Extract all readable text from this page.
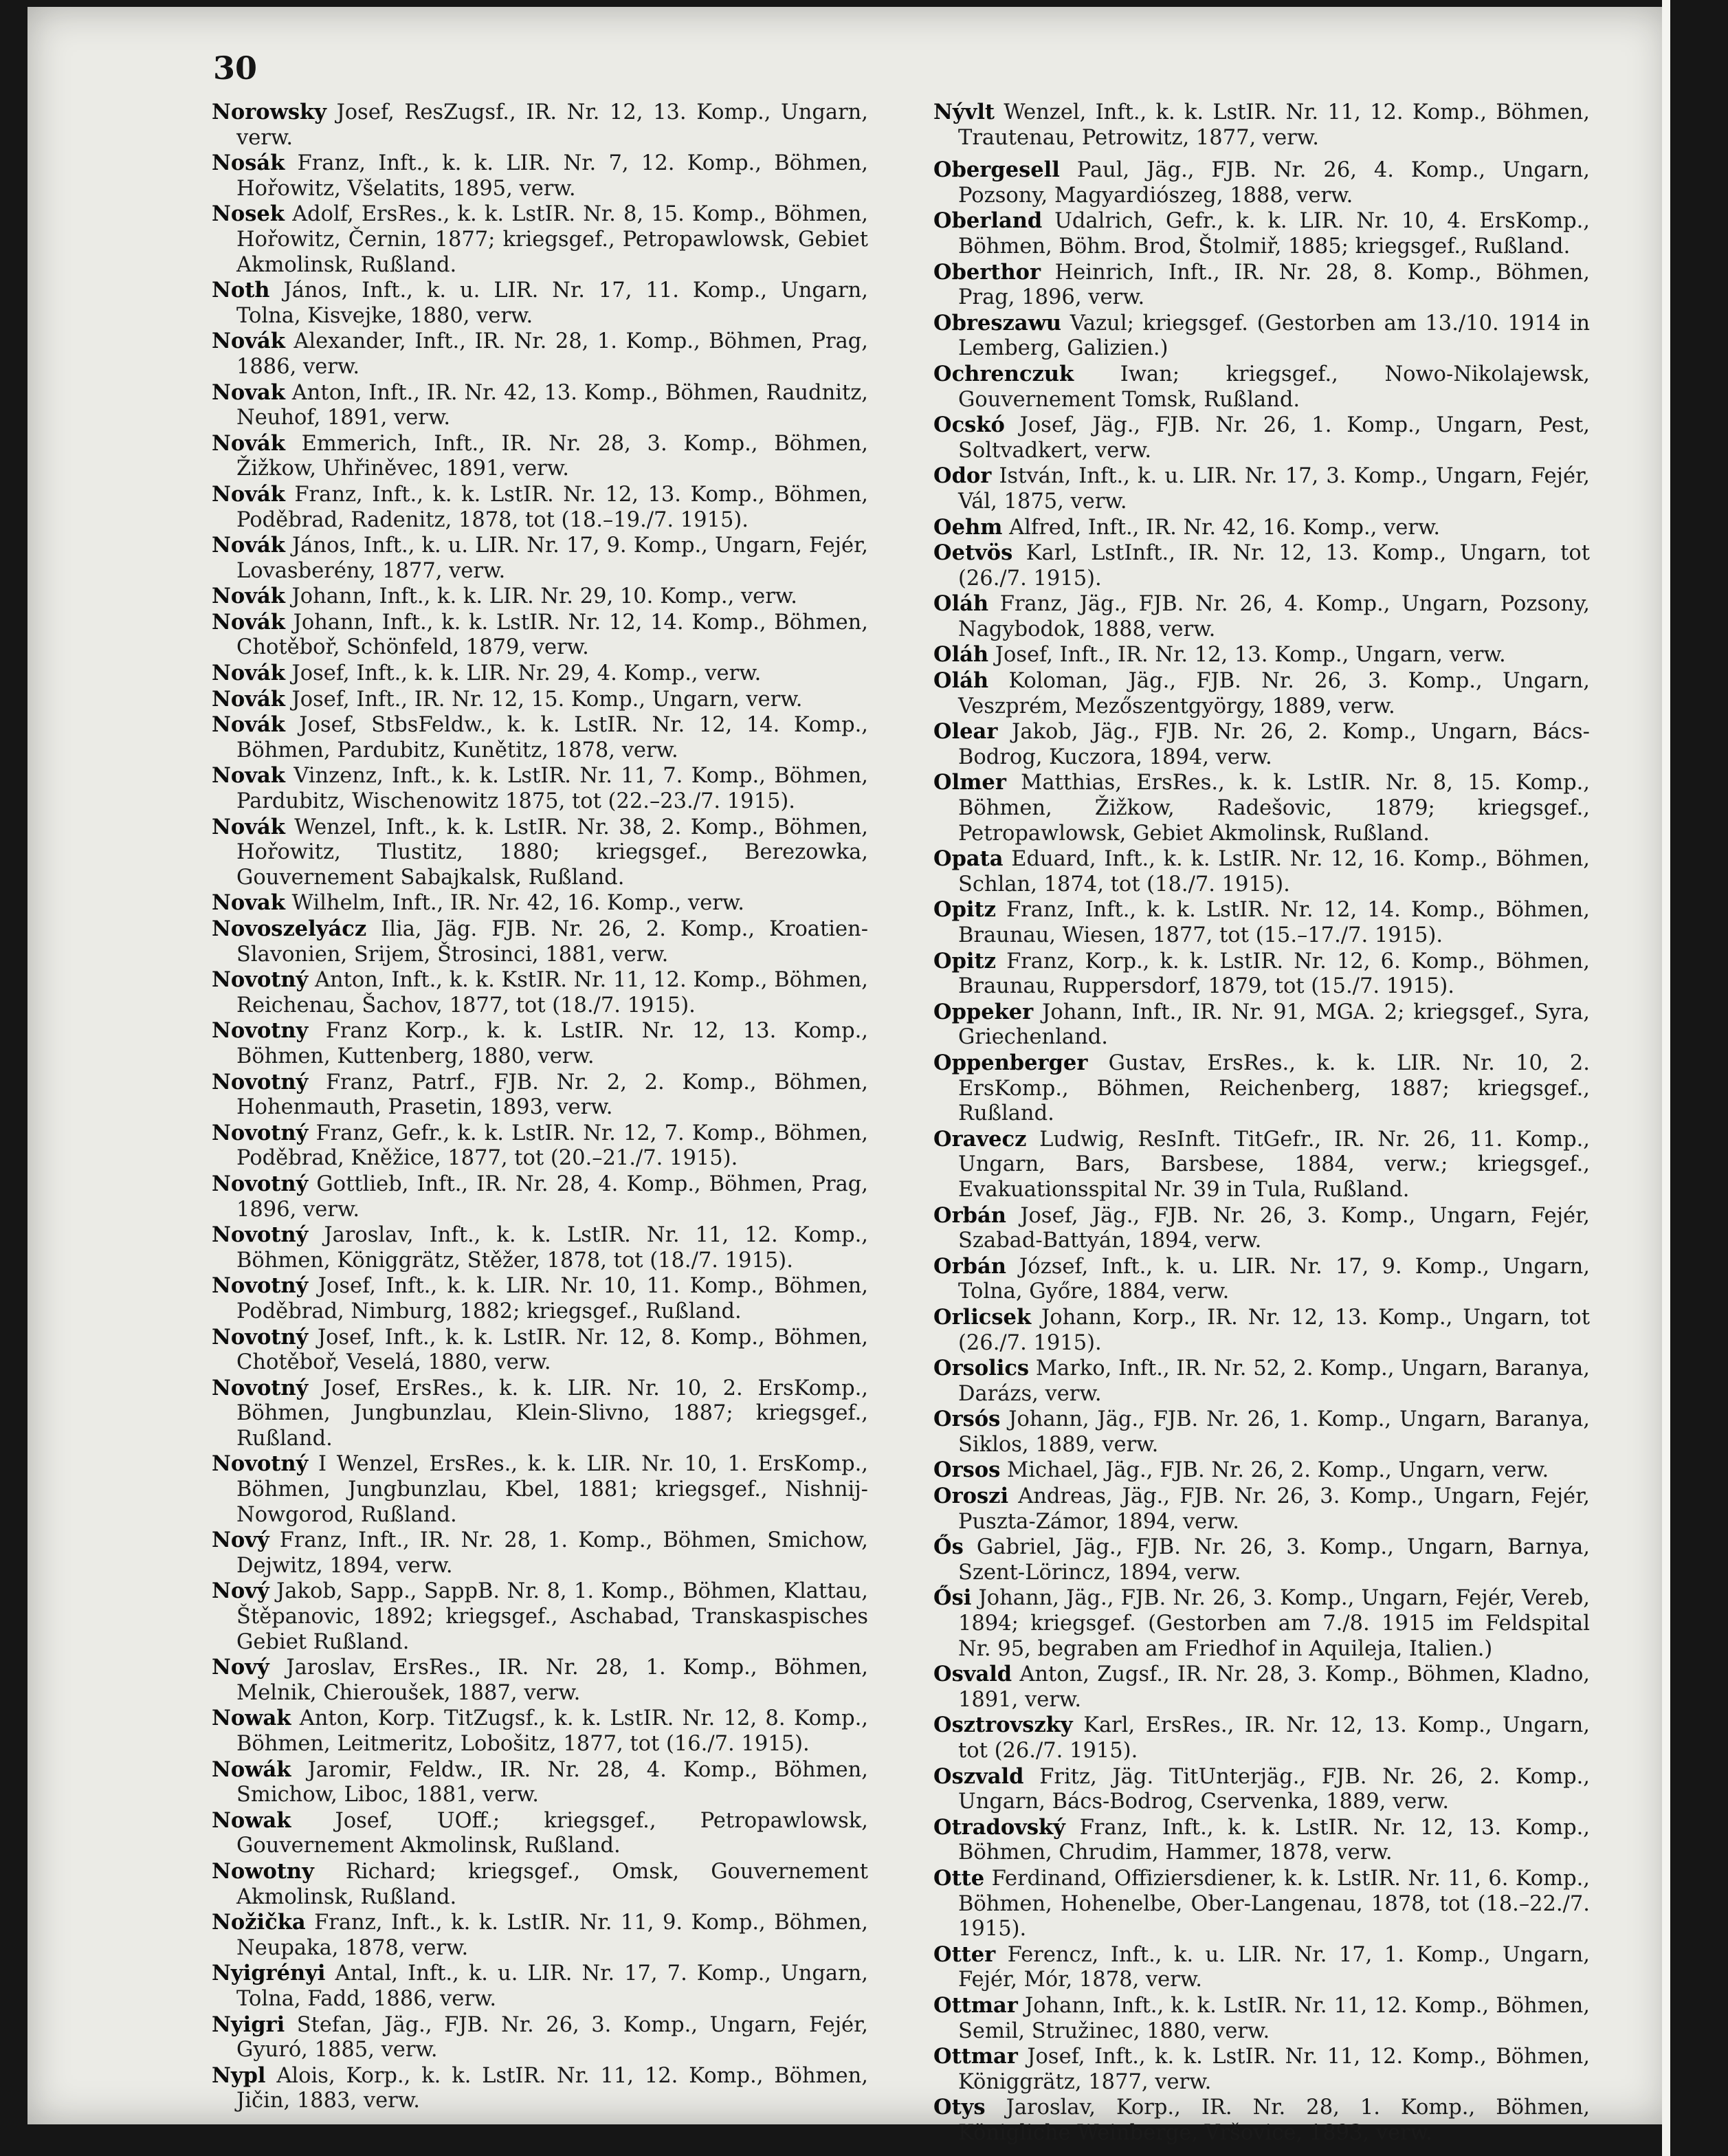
30

Norowsky Josef, ResZugsf., IR. Nr. 12, 13. Komp., Ungarn, verw.

Nosák Franz, Inft., k. k. LIR. Nr. 7, 12. Komp., Böhmen, Hořowitz, Všelatits, 1895, verw.

Nosek Adolf, ErsRes., k. k. LstIR. Nr. 8, 15. Komp., Böhmen, Hořowitz, Černin, 1877; kriegsgef., Petropawlowsk, Gebiet Akmolinsk, Rußland.

Noth János, Inft., k. u. LIR. Nr. 17, 11. Komp., Ungarn, Tolna, Kisvejke, 1880, verw.

Novák Alexander, Inft., IR. Nr. 28, 1. Komp., Böhmen, Prag, 1886, verw.

Novak Anton, Inft., IR. Nr. 42, 13. Komp., Böhmen, Raudnitz, Neuhof, 1891, verw.

Novák Emmerich, Inft., IR. Nr. 28, 3. Komp., Böhmen, Žižkow, Uhřiněvec, 1891, verw.

Novák Franz, Inft., k. k. LstIR. Nr. 12, 13. Komp., Böhmen, Poděbrad, Radenitz, 1878, tot (18.–19./7. 1915).

Novák János, Inft., k. u. LIR. Nr. 17, 9. Komp., Ungarn, Fejér, Lovasberény, 1877, verw.

Novák Johann, Inft., k. k. LIR. Nr. 29, 10. Komp., verw.

Novák Johann, Inft., k. k. LstIR. Nr. 12, 14. Komp., Böhmen, Chotěboř, Schönfeld, 1879, verw.

Novák Josef, Inft., k. k. LIR. Nr. 29, 4. Komp., verw.

Novák Josef, Inft., IR. Nr. 12, 15. Komp., Ungarn, verw.

Novák Josef, StbsFeldw., k. k. LstIR. Nr. 12, 14. Komp., Böhmen, Pardubitz, Kunětitz, 1878, verw.

Novak Vinzenz, Inft., k. k. LstIR. Nr. 11, 7. Komp., Böhmen, Pardubitz, Wischenowitz 1875, tot (22.–23./7. 1915).

Novák Wenzel, Inft., k. k. LstIR. Nr. 38, 2. Komp., Böhmen, Hořowitz, Tlustitz, 1880; kriegsgef., Berezowka, Gouvernement Sabajkalsk, Rußland.

Novak Wilhelm, Inft., IR. Nr. 42, 16. Komp., verw.

Novoszelyácz Ilia, Jäg. FJB. Nr. 26, 2. Komp., Kroatien-Slavonien, Srijem, Štrosinci, 1881, verw.

Novotný Anton, Inft., k. k. KstIR. Nr. 11, 12. Komp., Böhmen, Reichenau, Šachov, 1877, tot (18./7. 1915).

Novotny Franz Korp., k. k. LstIR. Nr. 12, 13. Komp., Böhmen, Kuttenberg, 1880, verw.

Novotný Franz, Patrf., FJB. Nr. 2, 2. Komp., Böhmen, Hohenmauth, Prasetin, 1893, verw.

Novotný Franz, Gefr., k. k. LstIR. Nr. 12, 7. Komp., Böhmen, Poděbrad, Kněžice, 1877, tot (20.–21./7. 1915).

Novotný Gottlieb, Inft., IR. Nr. 28, 4. Komp., Böhmen, Prag, 1896, verw.

Novotný Jaroslav, Inft., k. k. LstIR. Nr. 11, 12. Komp., Böhmen, Königgrätz, Stěžer, 1878, tot (18./7. 1915).

Novotný Josef, Inft., k. k. LIR. Nr. 10, 11. Komp., Böhmen, Poděbrad, Nimburg, 1882; kriegsgef., Rußland.

Novotný Josef, Inft., k. k. LstIR. Nr. 12, 8. Komp., Böhmen, Chotěboř, Veselá, 1880, verw.

Novotný Josef, ErsRes., k. k. LIR. Nr. 10, 2. ErsKomp., Böhmen, Jungbunzlau, Klein-Slivno, 1887; kriegsgef., Rußland.

Novotný I Wenzel, ErsRes., k. k. LIR. Nr. 10, 1. ErsKomp., Böhmen, Jungbunzlau, Kbel, 1881; kriegsgef., Nishnij-Nowgorod, Rußland.

Nový Franz, Inft., IR. Nr. 28, 1. Komp., Böhmen, Smichow, Dejwitz, 1894, verw.

Nový Jakob, Sapp., SappB. Nr. 8, 1. Komp., Böhmen, Klattau, Štěpanovic, 1892; kriegsgef., Aschabad, Transkaspisches Gebiet Rußland.

Nový Jaroslav, ErsRes., IR. Nr. 28, 1. Komp., Böhmen, Melnik, Chieroušek, 1887, verw.

Nowak Anton, Korp. TitZugsf., k. k. LstIR. Nr. 12, 8. Komp., Böhmen, Leitmeritz, Lobošitz, 1877, tot (16./7. 1915).

Nowák Jaromir, Feldw., IR. Nr. 28, 4. Komp., Böhmen, Smichow, Liboc, 1881, verw.

Nowak Josef, UOff.; kriegsgef., Petropawlowsk, Gouvernement Akmolinsk, Rußland.

Nowotny Richard; kriegsgef., Omsk, Gouvernement Akmolinsk, Rußland.

Nožička Franz, Inft., k. k. LstIR. Nr. 11, 9. Komp., Böhmen, Neupaka, 1878, verw.

Nyigrényi Antal, Inft., k. u. LIR. Nr. 17, 7. Komp., Ungarn, Tolna, Fadd, 1886, verw.

Nyigri Stefan, Jäg., FJB. Nr. 26, 3. Komp., Ungarn, Fejér, Gyuró, 1885, verw.

Nypl Alois, Korp., k. k. LstIR. Nr. 11, 12. Komp., Böhmen, Jičin, 1883, verw.

Nývlt Wenzel, Inft., k. k. LstIR. Nr. 11, 12. Komp., Böhmen, Trautenau, Petrowitz, 1877, verw.

Obergesell Paul, Jäg., FJB. Nr. 26, 4. Komp., Ungarn, Pozsony, Magyardiószeg, 1888, verw.

Oberland Udalrich, Gefr., k. k. LIR. Nr. 10, 4. ErsKomp., Böhmen, Böhm. Brod, Štolmiř, 1885; kriegsgef., Rußland.

Oberthor Heinrich, Inft., IR. Nr. 28, 8. Komp., Böhmen, Prag, 1896, verw.

Obreszawu Vazul; kriegsgef. (Gestorben am 13./10. 1914 in Lemberg, Galizien.)

Ochrenczuk Iwan; kriegsgef., Nowo-Nikolajewsk, Gouvernement Tomsk, Rußland.

Ocskó Josef, Jäg., FJB. Nr. 26, 1. Komp., Ungarn, Pest, Soltvadkert, verw.

Odor István, Inft., k. u. LIR. Nr. 17, 3. Komp., Ungarn, Fejér, Vál, 1875, verw.

Oehm Alfred, Inft., IR. Nr. 42, 16. Komp., verw.

Oetvös Karl, LstInft., IR. Nr. 12, 13. Komp., Ungarn, tot (26./7. 1915).

Oláh Franz, Jäg., FJB. Nr. 26, 4. Komp., Ungarn, Pozsony, Nagybodok, 1888, verw.

Oláh Josef, Inft., IR. Nr. 12, 13. Komp., Ungarn, verw.

Oláh Koloman, Jäg., FJB. Nr. 26, 3. Komp., Ungarn, Veszprém, Mezőszentgyörgy, 1889, verw.

Olear Jakob, Jäg., FJB. Nr. 26, 2. Komp., Ungarn, Bács-Bodrog, Kuczora, 1894, verw.

Olmer Matthias, ErsRes., k. k. LstIR. Nr. 8, 15. Komp., Böhmen, Žižkow, Radešovic, 1879; kriegsgef., Petropawlowsk, Gebiet Akmolinsk, Rußland.

Opata Eduard, Inft., k. k. LstIR. Nr. 12, 16. Komp., Böhmen, Schlan, 1874, tot (18./7. 1915).

Opitz Franz, Inft., k. k. LstIR. Nr. 12, 14. Komp., Böhmen, Braunau, Wiesen, 1877, tot (15.–17./7. 1915).

Opitz Franz, Korp., k. k. LstIR. Nr. 12, 6. Komp., Böhmen, Braunau, Ruppersdorf, 1879, tot (15./7. 1915).

Oppeker Johann, Inft., IR. Nr. 91, MGA. 2; kriegsgef., Syra, Griechenland.

Oppenberger Gustav, ErsRes., k. k. LIR. Nr. 10, 2. ErsKomp., Böhmen, Reichenberg, 1887; kriegsgef., Rußland.

Oravecz Ludwig, ResInft. TitGefr., IR. Nr. 26, 11. Komp., Ungarn, Bars, Barsbese, 1884, verw.; kriegsgef., Evakuationsspital Nr. 39 in Tula, Rußland.

Orbán Josef, Jäg., FJB. Nr. 26, 3. Komp., Ungarn, Fejér, Szabad-Battyán, 1894, verw.

Orbán József, Inft., k. u. LIR. Nr. 17, 9. Komp., Ungarn, Tolna, Győre, 1884, verw.

Orlicsek Johann, Korp., IR. Nr. 12, 13. Komp., Ungarn, tot (26./7. 1915).

Orsolics Marko, Inft., IR. Nr. 52, 2. Komp., Ungarn, Baranya, Darázs, verw.

Orsós Johann, Jäg., FJB. Nr. 26, 1. Komp., Ungarn, Baranya, Siklos, 1889, verw.

Orsos Michael, Jäg., FJB. Nr. 26, 2. Komp., Ungarn, verw.

Oroszi Andreas, Jäg., FJB. Nr. 26, 3. Komp., Ungarn, Fejér, Puszta-Zámor, 1894, verw.

Ős Gabriel, Jäg., FJB. Nr. 26, 3. Komp., Ungarn, Barnya, Szent-Lörincz, 1894, verw.

Ősi Johann, Jäg., FJB. Nr. 26, 3. Komp., Ungarn, Fejér, Vereb, 1894; kriegsgef. (Gestorben am 7./8. 1915 im Feldspital Nr. 95, begraben am Friedhof in Aquileja, Italien.)

Osvald Anton, Zugsf., IR. Nr. 28, 3. Komp., Böhmen, Kladno, 1891, verw.

Osztrovszky Karl, ErsRes., IR. Nr. 12, 13. Komp., Ungarn, tot (26./7. 1915).

Oszvald Fritz, Jäg. TitUnterjäg., FJB. Nr. 26, 2. Komp., Ungarn, Bács-Bodrog, Cservenka, 1889, verw.

Otradovský Franz, Inft., k. k. LstIR. Nr. 12, 13. Komp., Böhmen, Chrudim, Hammer, 1878, verw.

Otte Ferdinand, Offiziersdiener, k. k. LstIR. Nr. 11, 6. Komp., Böhmen, Hohenelbe, Ober-Langenau, 1878, tot (18.–22./7. 1915).

Otter Ferencz, Inft., k. u. LIR. Nr. 17, 1. Komp., Ungarn, Fejér, Mór, 1878, verw.

Ottmar Johann, Inft., k. k. LstIR. Nr. 11, 12. Komp., Böhmen, Semil, Stružinec, 1880, verw.

Ottmar Josef, Inft., k. k. LstIR. Nr. 11, 12. Komp., Böhmen, Königgrätz, 1877, verw.

Otys Jaroslav, Korp., IR. Nr. 28, 1. Komp., Böhmen, Königliche Weinberge, Vršovice, 1893, verw.
